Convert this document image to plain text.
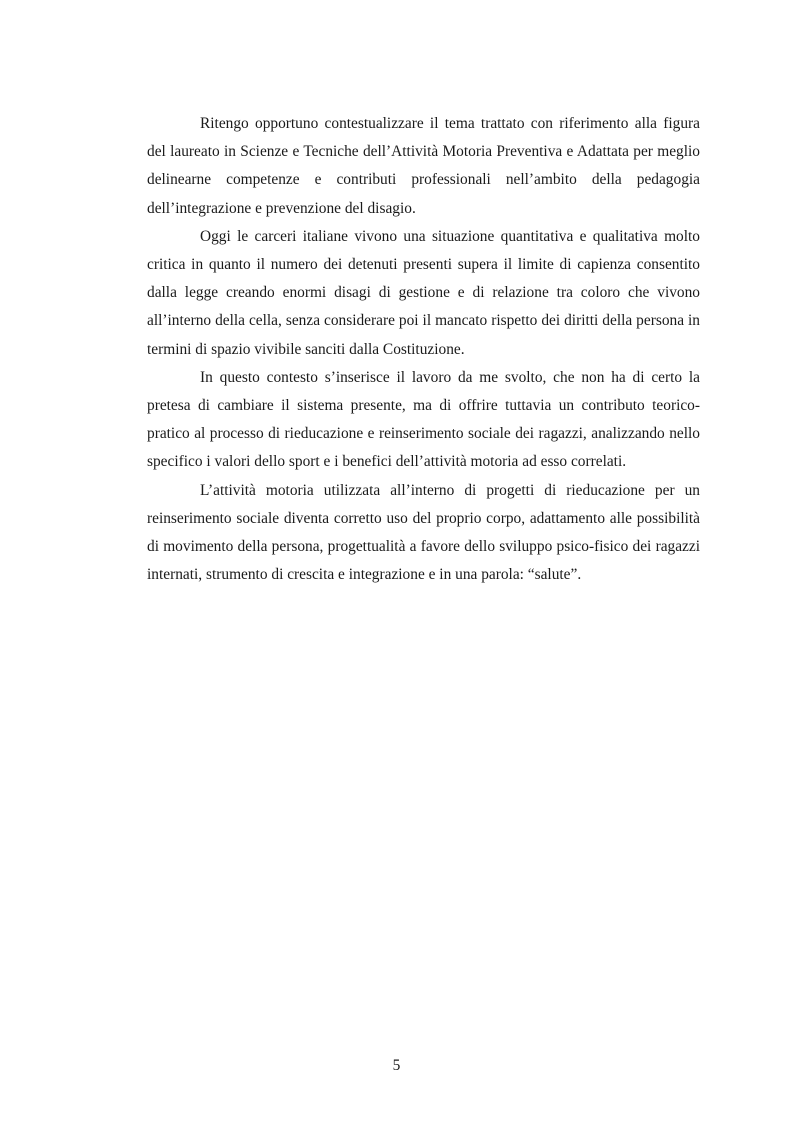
Ritengo opportuno contestualizzare il tema trattato con riferimento alla figura del laureato in Scienze e Tecniche dell’Attività Motoria Preventiva e Adattata per meglio delinearne competenze e contributi professionali nell’ambito della pedagogia dell’integrazione e prevenzione del disagio.

Oggi le carceri italiane vivono una situazione quantitativa e qualitativa molto critica in quanto il numero dei detenuti presenti supera il limite di capienza consentito dalla legge creando enormi disagi di gestione e di relazione tra coloro che vivono all’interno della cella, senza considerare poi il mancato rispetto dei diritti della persona in termini di spazio vivibile sanciti dalla Costituzione.

In questo contesto s’inserisce il lavoro da me svolto, che non ha di certo la pretesa di cambiare il sistema presente, ma di offrire tuttavia un contributo teorico-pratico al processo di rieducazione e reinserimento sociale dei ragazzi, analizzando nello specifico i valori dello sport e i benefici dell’attività motoria ad esso correlati.

L’attività motoria utilizzata all’interno di progetti di rieducazione per un reinserimento sociale diventa corretto uso del proprio corpo, adattamento alle possibilità di movimento della persona, progettualità a favore dello sviluppo psico-fisico dei ragazzi internati, strumento di crescita e integrazione e in una parola: “salute”.

5
